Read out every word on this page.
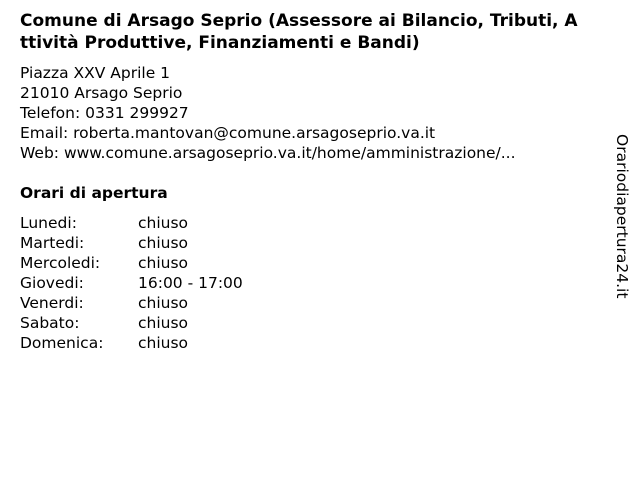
Comune di Arsago Seprio (Assessore ai Bilancio, Tributi, Attività Produttive, Finanziamenti e Bandi)
Piazza XXV Aprile 1
21010 Arsago Seprio
Telefon: 0331 299927
Email: roberta.mantovan@comune.arsagoseprio.va.it
Web: www.comune.arsagoseprio.va.it/home/amministrazione/...
Orari di apertura
Lunedi:	chiuso
Martedi:	chiuso
Mercoledi:	chiuso
Giovedi:	16:00 - 17:00
Venerdi:	chiuso
Sabato:	chiuso
Domenica:	chiuso
Orariodiapertura24.it
